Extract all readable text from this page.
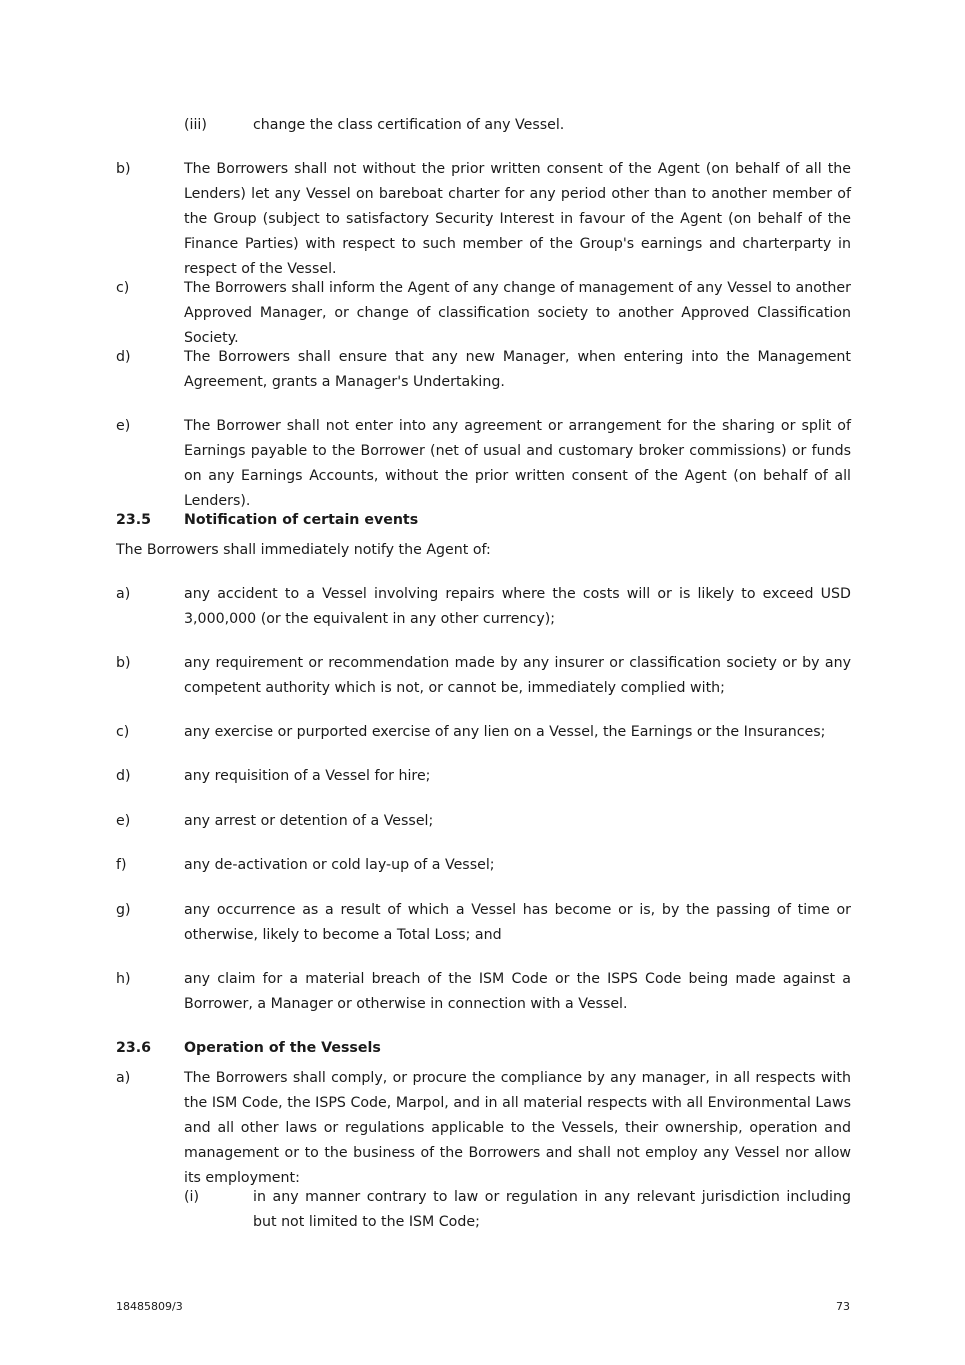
(iii)	change the class certification of any Vessel.
b)	The Borrowers shall not without the prior written consent of the Agent (on behalf of all the Lenders) let any Vessel on bareboat charter for any period other than to another member of the Group (subject to satisfactory Security Interest in favour of the Agent (on behalf of the Finance Parties) with respect to such member of the Group's earnings and charterparty in respect of the Vessel.
c)	The Borrowers shall inform the Agent of any change of management of any Vessel to another Approved Manager, or change of classification society to another Approved Classification Society.
d)	The Borrowers shall ensure that any new Manager, when entering into the Management Agreement, grants a Manager's Undertaking.
e)	The Borrower shall not enter into any agreement or arrangement for the sharing or split of Earnings payable to the Borrower (net of usual and customary broker commissions) or funds on any Earnings Accounts, without the prior written consent of the Agent (on behalf of all Lenders).
23.5 Notification of certain events
The Borrowers shall immediately notify the Agent of:
a)	any accident to a Vessel involving repairs where the costs will or is likely to exceed USD 3,000,000 (or the equivalent in any other currency);
b)	any requirement or recommendation made by any insurer or classification society or by any competent authority which is not, or cannot be, immediately complied with;
c)	any exercise or purported exercise of any lien on a Vessel, the Earnings or the Insurances;
d)	any requisition of a Vessel for hire;
e)	any arrest or detention of a Vessel;
f)	any de-activation or cold lay-up of a Vessel;
g)	any occurrence as a result of which a Vessel has become or is, by the passing of time or otherwise, likely to become a Total Loss; and
h)	any claim for a material breach of the ISM Code or the ISPS Code being made against a Borrower, a Manager or otherwise in connection with a Vessel.
23.6 Operation of the Vessels
a)	The Borrowers shall comply, or procure the compliance by any manager, in all respects with the ISM Code, the ISPS Code, Marpol, and in all material respects with all Environmental Laws and all other laws or regulations applicable to the Vessels, their ownership, operation and management or to the business of the Borrowers and shall not employ any Vessel nor allow its employment:
(i)	in any manner contrary to law or regulation in any relevant jurisdiction including but not limited to the ISM Code;
18485809/3	73
